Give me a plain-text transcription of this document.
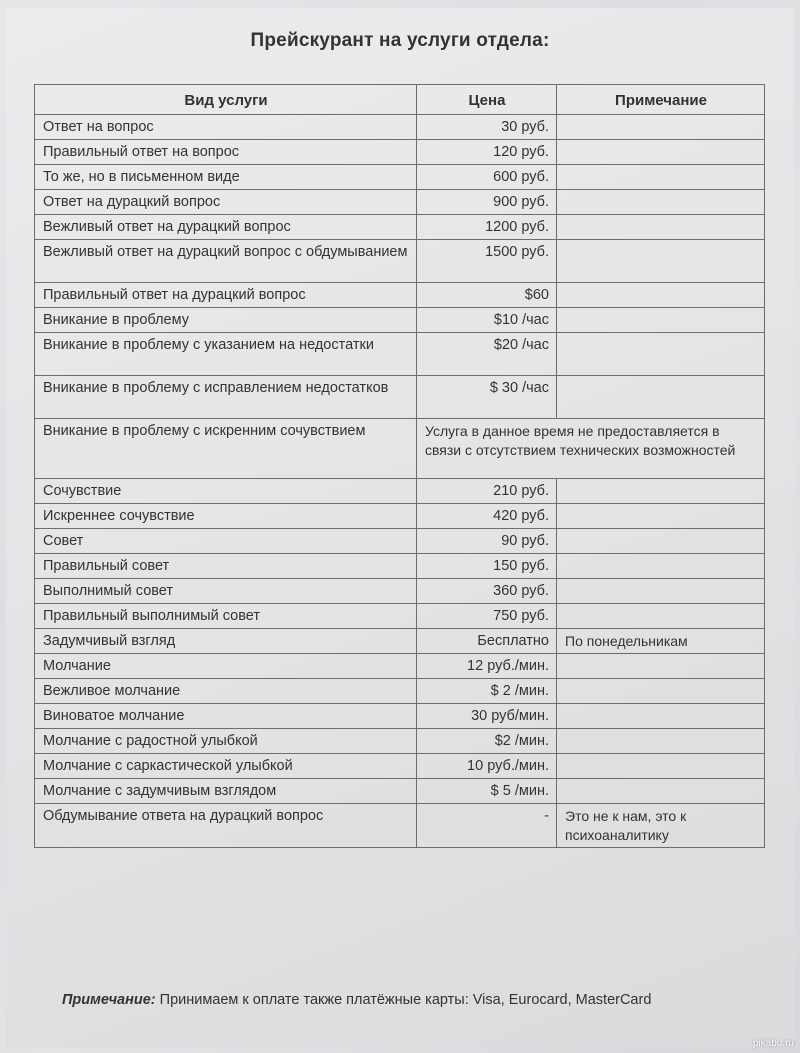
Прейскурант на услуги отдела:
Вид услуги	Цена	Примечание
Ответ на вопрос	30 руб.	
Правильный ответ на вопрос	120 руб.	
То же, но в письменном виде	600 руб.	
Ответ на дурацкий вопрос	900 руб.	
Вежливый ответ на дурацкий вопрос	1200 руб.	
Вежливый ответ на дурацкий вопрос с обдумыванием	1500 руб.	
Правильный ответ на дурацкий вопрос	$60	
Вникание в проблему	$10 /час	
Вникание в проблему с указанием на недостатки	$20 /час	
Вникание в проблему с исправлением недостатков	$ 30 /час	
Вникание в проблему с искренним сочувствием	Услуга в данное время не предоставляется в связи с отсутствием технических возможностей	
Сочувствие	210 руб.	
Искреннее сочувствие	420 руб.	
Совет	90 руб.	
Правильный совет	150 руб.	
Выполнимый совет	360 руб.	
Правильный выполнимый совет	750 руб.	
Задумчивый взгляд	Бесплатно	По понедельникам
Молчание	12 руб./мин.	
Вежливое молчание	$ 2 /мин.	
Виноватое молчание	30 руб/мин.	
Молчание с радостной улыбкой	$2 /мин.	
Молчание с саркастической улыбкой	10 руб./мин.	
Молчание с задумчивым взглядом	$ 5 /мин.	
Обдумывание ответа на дурацкий вопрос	-	Это не к нам, это к психоаналитику
Примечание: Принимаем к оплате также платёжные карты: Visa, Eurocard, MasterCard
pikabu.ru
